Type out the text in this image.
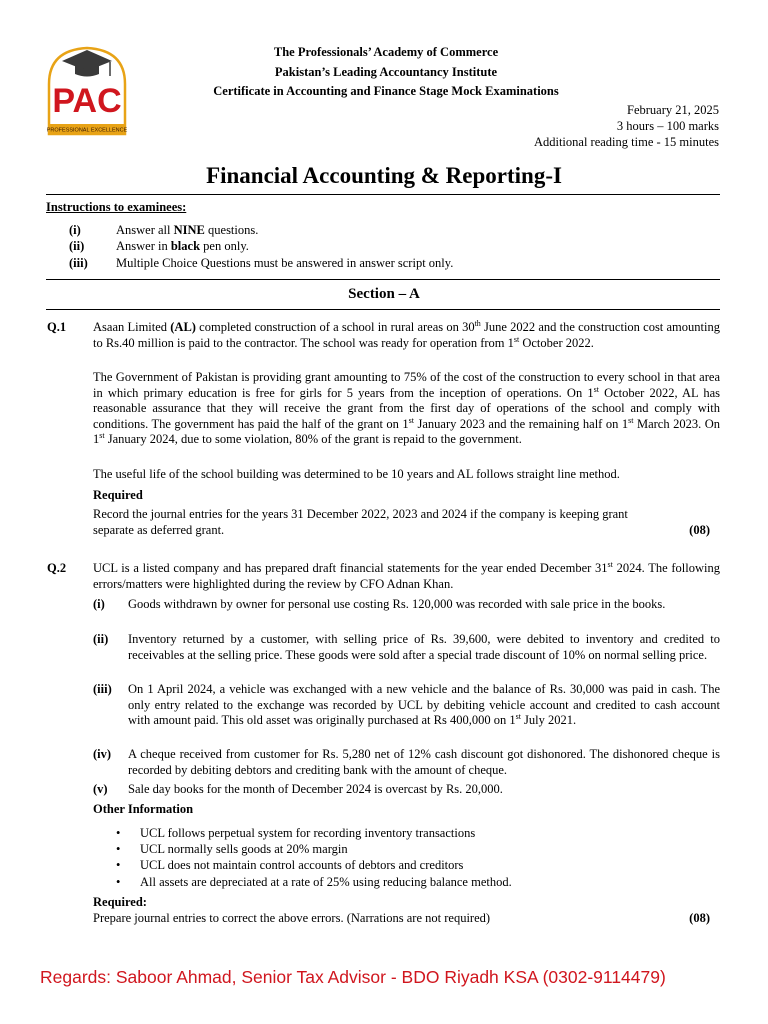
PAC
PROFESSIONAL EXCELLENCE
The Professionals’ Academy of Commerce
Pakistan’s Leading Accountancy Institute
Certificate in Accounting and Finance Stage Mock Examinations
February 21, 2025
3 hours – 100 marks
Additional reading time - 15 minutes
Financial Accounting & Reporting-I
Instructions to examinees:
(i)	Answer all NINE questions.
(ii)	Answer in black pen only.
(iii) Multiple Choice Questions must be answered in answer script only.
Section – A
Q.1 Asaan Limited (AL) completed construction of a school in rural areas on 30th June 2022 and the construction cost amounting to Rs.40 million is paid to the contractor. The school was ready for operation from 1st October 2022.
The Government of Pakistan is providing grant amounting to 75% of the cost of the construction to every school in that area in which primary education is free for girls for 5 years from the inception of operations. On 1st October 2022, AL has reasonable assurance that they will receive the grant from the first day of operations of the school and comply with conditions. The government has paid the half of the grant on 1st January 2023 and the remaining half on 1st March 2023. On 1st January 2024, due to some violation, 80% of the grant is repaid to the government.
The useful life of the school building was determined to be 10 years and AL follows straight line method.
Required
Record the journal entries for the years 31 December 2022, 2023 and 2024 if the company is keeping grant separate as deferred grant.	(08)
Q.2 UCL is a listed company and has prepared draft financial statements for the year ended December 31st 2024. The following errors/matters were highlighted during the review by CFO Adnan Khan.
(i) Goods withdrawn by owner for personal use costing Rs. 120,000 was recorded with sale price in the books.
(ii) Inventory returned by a customer, with selling price of Rs. 39,600, were debited to inventory and credited to receivables at the selling price. These goods were sold after a special trade discount of 10% on normal selling price.
(iii) On 1 April 2024, a vehicle was exchanged with a new vehicle and the balance of Rs. 30,000 was paid in cash. The only entry related to the exchange was recorded by UCL by debiting vehicle account and credited to cash account with amount paid. This old asset was originally purchased at Rs 400,000 on 1st July 2021.
(iv) A cheque received from customer for Rs. 5,280 net of 12% cash discount got dishonored. The dishonored cheque is recorded by debiting debtors and crediting bank with the amount of cheque.
(v) Sale day books for the month of December 2024 is overcast by Rs. 20,000.
Other Information
• UCL follows perpetual system for recording inventory transactions
• UCL normally sells goods at 20% margin
• UCL does not maintain control accounts of debtors and creditors
• All assets are depreciated at a rate of 25% using reducing balance method.
Required:
Prepare journal entries to correct the above errors. (Narrations are not required)	(08)
Regards: Saboor Ahmad, Senior Tax Advisor - BDO Riyadh KSA (0302-9114479)
